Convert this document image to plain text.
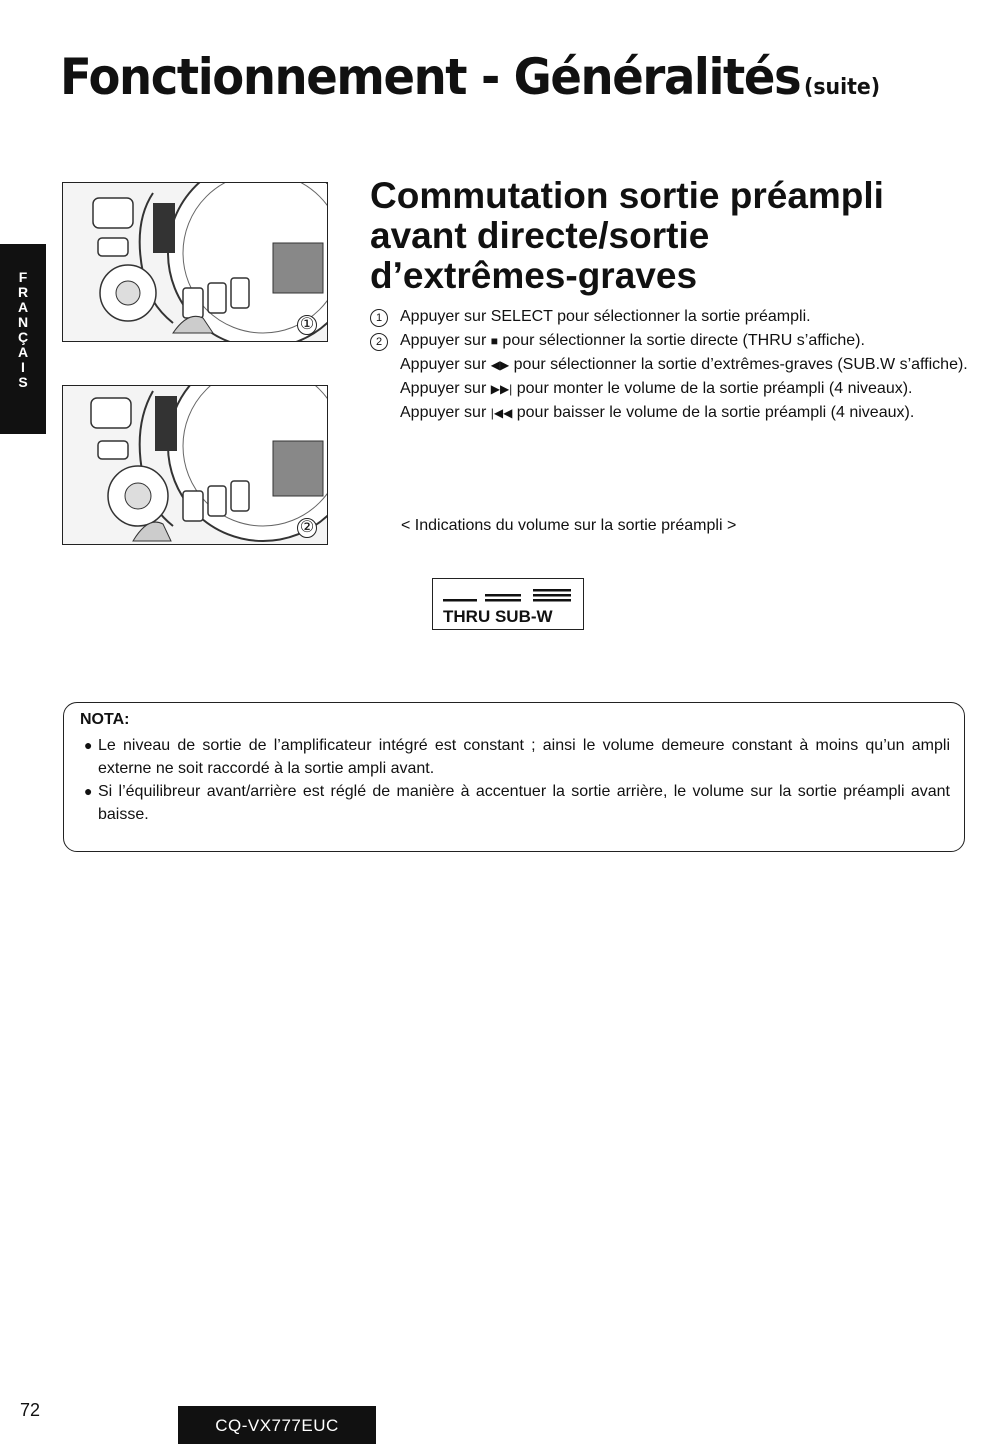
Fonctionnement - Généralités (suite)
F
R
A
N
Ç
A
I
S
①
②
Commutation sortie préampli
avant directe/sortie
d’extrêmes-graves
1	Appuyer sur SELECT pour sélectionner la sortie préampli.
2	Appuyer sur ■ pour sélectionner la sortie directe (THRU s’affiche).
Appuyer sur ◀▶ pour sélectionner la sortie d’extrêmes-graves (SUB.W s’affiche).
Appuyer sur ▶▶| pour monter le volume de la sortie préampli (4 niveaux).
Appuyer sur |◀◀ pour baisser le volume de la sortie préampli (4 niveaux).
< Indications du volume sur la sortie préampli >
THRU SUB-W
NOTA:
● Le niveau de sortie de l’amplificateur intégré est constant ; ainsi le volume demeure constant à moins qu’un ampli externe ne soit raccordé à la sortie ampli avant.
● Si l’équilibreur avant/arrière est réglé de manière à accentuer la sortie arrière, le volume sur la sortie préampli avant baisse.
72
CQ-VX777EUC
